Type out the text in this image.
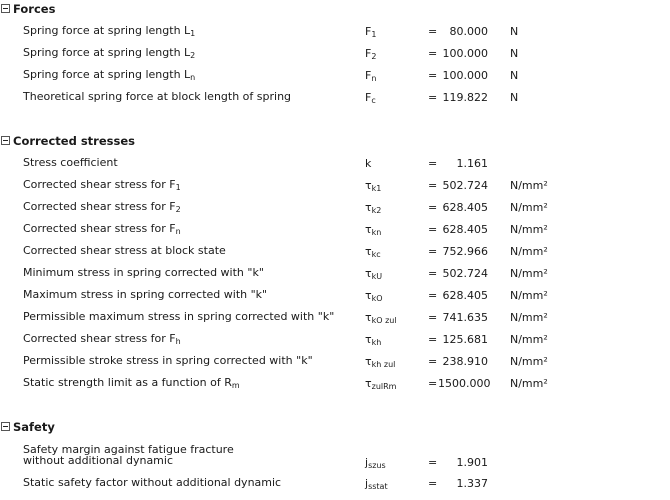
Forces
Spring force at spring length L1	$F_1$	=	80.000 N
Spring force at spring length L2	$F_2$	= 100.000 N
Spring force at spring length Ln	$F_n$	= 100.000 N
Theoretical spring force at block length of spring	$F_c$	= 119.822 N
Corrected stresses
Stress coefficient	k	=	1.161
Corrected shear stress for F1	$\tau_{k1}$	= 502.724 N/mm²
Corrected shear stress for F2	$\tau_{k2}$	= 628.405 N/mm²
Corrected shear stress for Fn	$\tau_{kn}$	= 628.405 N/mm²
Corrected shear stress at block state	$\tau_{kc}$	= 752.966 N/mm²
Minimum stress in spring corrected with "k"	$\tau_{kU}$	= 502.724 N/mm²
Maximum stress in spring corrected with "k"	$\tau_{kO}$	= 628.405 N/mm²
Permissible maximum stress in spring corrected with "k"	$\tau_{kO zul}$	= 741.635 N/mm²
Corrected shear stress for Fh	$\tau_{kh}$	= 125.681 N/mm²
Permissible stroke stress in spring corrected with "k"	$\tau_{kh zul}$	= 238.910 N/mm²
Static strength limit as a function of Rm	$\tau_{zulRm}$	= 1500.000 N/mm²
Safety
Safety margin against fatigue fracture
without additional dynamic	$j_{szus}$	=	1.901
Static safety factor without additional dynamic	$j_{sstat}$	=	1.337
